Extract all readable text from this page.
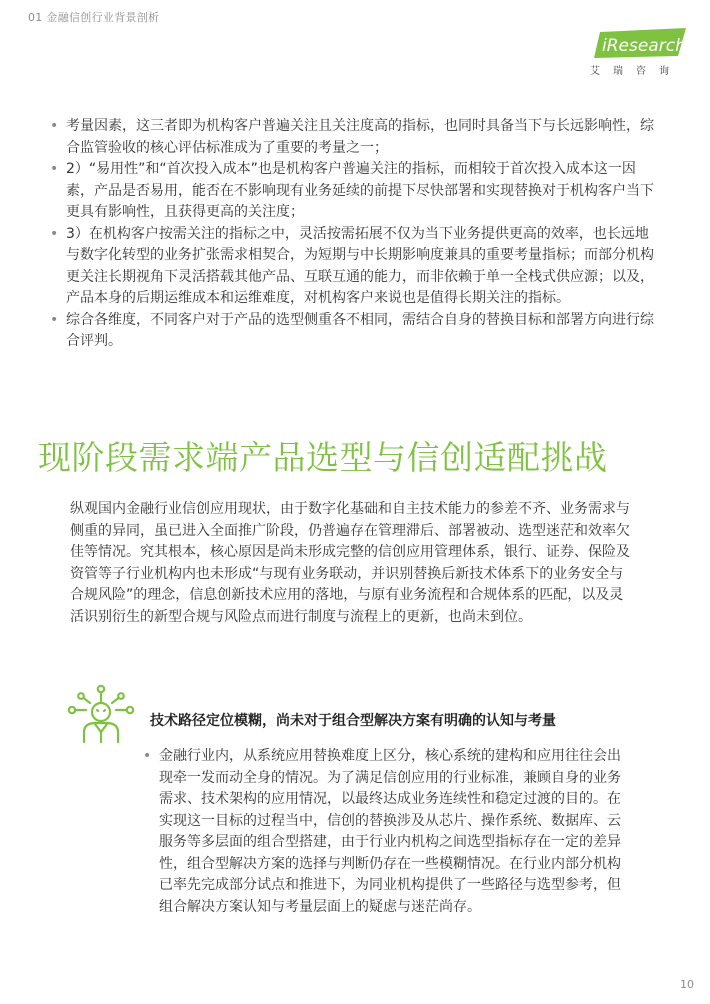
01 金融信创行业背景剖析
iResearch
艾瑞咨询
• 考量因素，这三者即为机构客户普遍关注且关注度高的指标，也同时具备当下与长远影响性，综合监管验收的核心评估标准成为了重要的考量之一；
• 2）“易用性”和“首次投入成本”也是机构客户普遍关注的指标，而相较于首次投入成本这一因素，产品是否易用，能否在不影响现有业务延续的前提下尽快部署和实现替换对于机构客户当下更具有影响性，且获得更高的关注度；
• 3）在机构客户按需关注的指标之中，灵活按需拓展不仅为当下业务提供更高的效率，也长远地与数字化转型的业务扩张需求相契合，为短期与中长期影响度兼具的重要考量指标；而部分机构更关注长期视角下灵活搭载其他产品、互联互通的能力，而非依赖于单一全栈式供应源；以及，产品本身的后期运维成本和运维难度，对机构客户来说也是值得长期关注的指标。
• 综合各维度，不同客户对于产品的选型侧重各不相同，需结合自身的替换目标和部署方向进行综合评判。
现阶段需求端产品选型与信创适配挑战

纵观国内金融行业信创应用现状，由于数字化基础和自主技术能力的参差不齐、业务需求与侧重的异同，虽已进入全面推广阶段，仍普遍存在管理滞后、部署被动、选型迷茫和效率欠佳等情况。究其根本，核心原因是尚未形成完整的信创应用管理体系，银行、证券、保险及资管等子行业机构内也未形成“与现有业务联动，并识别替换后新技术体系下的业务安全与合规风险”的理念，信息创新技术应用的落地，与原有业务流程和合规体系的匹配，以及灵活识别衍生的新型合规与风险点而进行制度与流程上的更新，也尚未到位。

技术路径定位模糊，尚未对于组合型解决方案有明确的认知与考量
• 金融行业内，从系统应用替换难度上区分，核心系统的建构和应用往往会出现牵一发而动全身的情况。为了满足信创应用的行业标准，兼顾自身的业务需求、技术架构的应用情况，以最终达成业务连续性和稳定过渡的目的。在实现这一目标的过程当中，信创的替换涉及从芯片、操作系统、数据库、云服务等多层面的组合型搭建，由于行业内机构之间选型指标存在一定的差异性，组合型解决方案的选择与判断仍存在一些模糊情况。在行业内部分机构已率先完成部分试点和推进下，为同业机构提供了一些路径与选型参考，但组合解决方案认知与考量层面上的疑虑与迷茫尚存。
10
